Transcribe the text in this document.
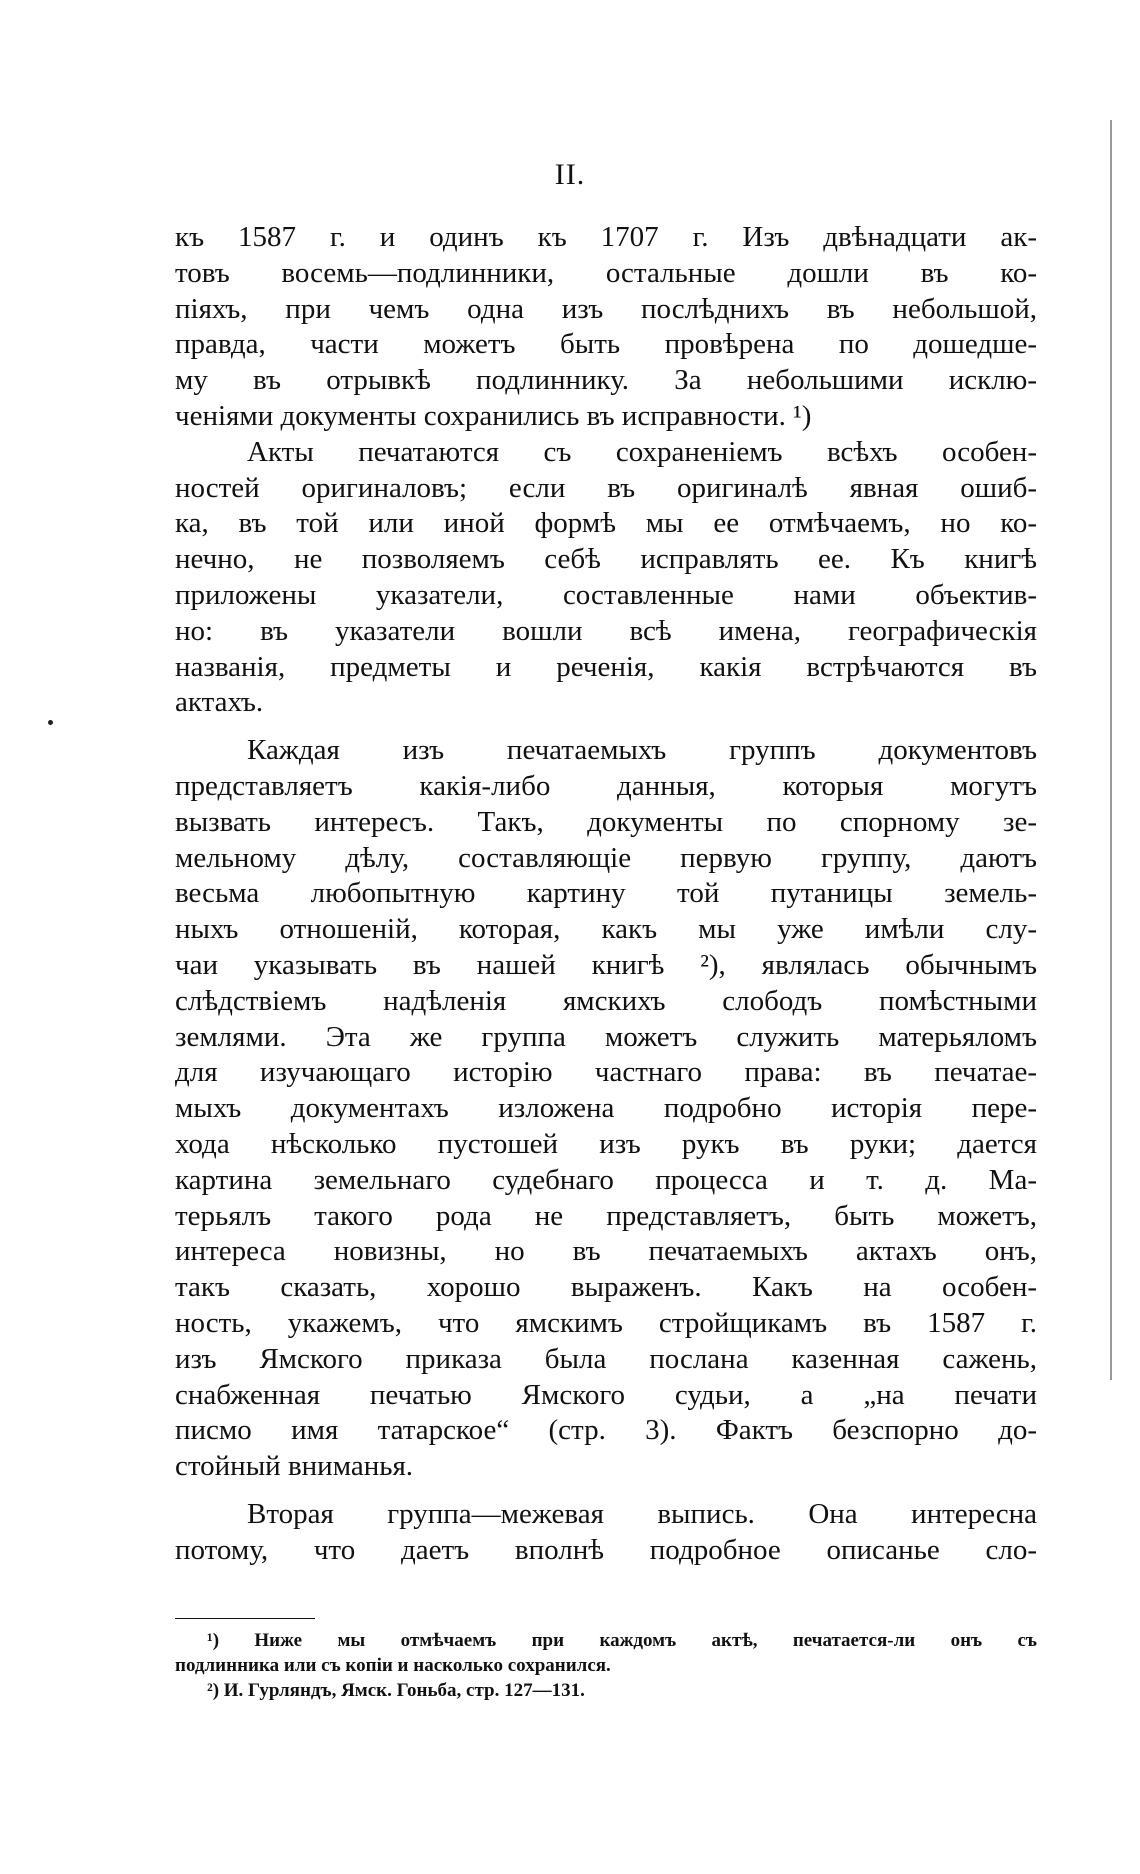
II.
къ 1587 г. и одинъ къ 1707 г. Изъ двѣнадцати ак-
товъ восемь—подлинники, остальные дошли въ ко-
піяхъ, при чемъ одна изъ послѣднихъ въ небольшой,
правда, части можетъ быть провѣрена по дошедше-
му въ отрывкѣ подлиннику. За небольшими исклю-
ченіями документы сохранились въ исправности. ¹)
Акты печатаются съ сохраненіемъ всѣхъ особен-
ностей оригиналовъ; если въ оригиналѣ явная ошиб-
ка, въ той или иной формѣ мы ее отмѣчаемъ, но ко-
нечно, не позволяемъ себѣ исправлять ее. Къ книгѣ
приложены указатели, составленные нами объектив-
но: въ указатели вошли всѣ имена, географическія
названія, предметы и реченія, какія встрѣчаются въ
актахъ.
Каждая изъ печатаемыхъ группъ документовъ
представляетъ какія-либо данныя, которыя могутъ
вызвать интересъ. Такъ, документы по спорному зе-
мельному дѣлу, составляющіе первую группу, даютъ
весьма любопытную картину той путаницы земель-
ныхъ отношеній, которая, какъ мы уже имѣли слу-
чаи указывать въ нашей книгѣ ²), являлась обычнымъ
слѣдствіемъ надѣленія ямскихъ слободъ помѣстными
землями. Эта же группа можетъ служить матерьяломъ
для изучающаго исторію частнаго права: въ печатае-
мыхъ документахъ изложена подробно исторія пере-
хода нѣсколько пустошей изъ рукъ въ руки; дается
картина земельнаго судебнаго процесса и т. д. Ма-
терьялъ такого рода не представляетъ, быть можетъ,
интереса новизны, но въ печатаемыхъ актахъ онъ,
такъ сказать, хорошо выраженъ. Какъ на особен-
ность, укажемъ, что ямскимъ стройщикамъ въ 1587 г.
изъ Ямского приказа была послана казенная сажень,
снабженная печатью Ямского судьи, а „на печати
писмо имя татарское“ (стр. 3). Фактъ безспорно до-
стойный вниманья.
Вторая группа—межевая выпись. Она интересна
потому, что даетъ вполнѣ подробное описанье сло-
¹) Ниже мы отмѣчаемъ при каждомъ актѣ, печатается-ли онъ съ
подлинника или съ копіи и насколько сохранился.
²) И. Гурляндъ, Ямск. Гоньба, стр. 127—131.
